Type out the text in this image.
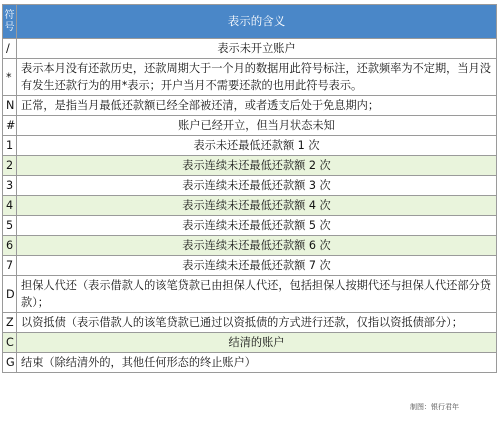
符号	表示的含义
/	表示未开立账户
*	表示本月没有还款历史，还款周期大于一个月的数据用此符号标注，还款频率为不定期，当月没有发生还款行为的用*表示；开户当月不需要还款的也用此符号表示。
N	正常，是指当月最低还款额已经全部被还清，或者透支后处于免息期内；
#	账户已经开立，但当月状态未知
1	表示未还最低还款额 1 次
2	表示连续未还最低还款额 2 次
3	表示连续未还最低还款额 3 次
4	表示连续未还最低还款额 4 次
5	表示连续未还最低还款额 5 次
6	表示连续未还最低还款额 6 次
7	表示连续未还最低还款额 7 次
D	担保人代还（表示借款人的该笔贷款已由担保人代还，包括担保人按期代还与担保人代还部分贷款）；
Z	以资抵债（表示借款人的该笔贷款已通过以资抵债的方式进行还款，仅指以资抵债部分）；
C	结清的账户
G	结束（除结清外的，其他任何形态的终止账户）
制图：银行君年
